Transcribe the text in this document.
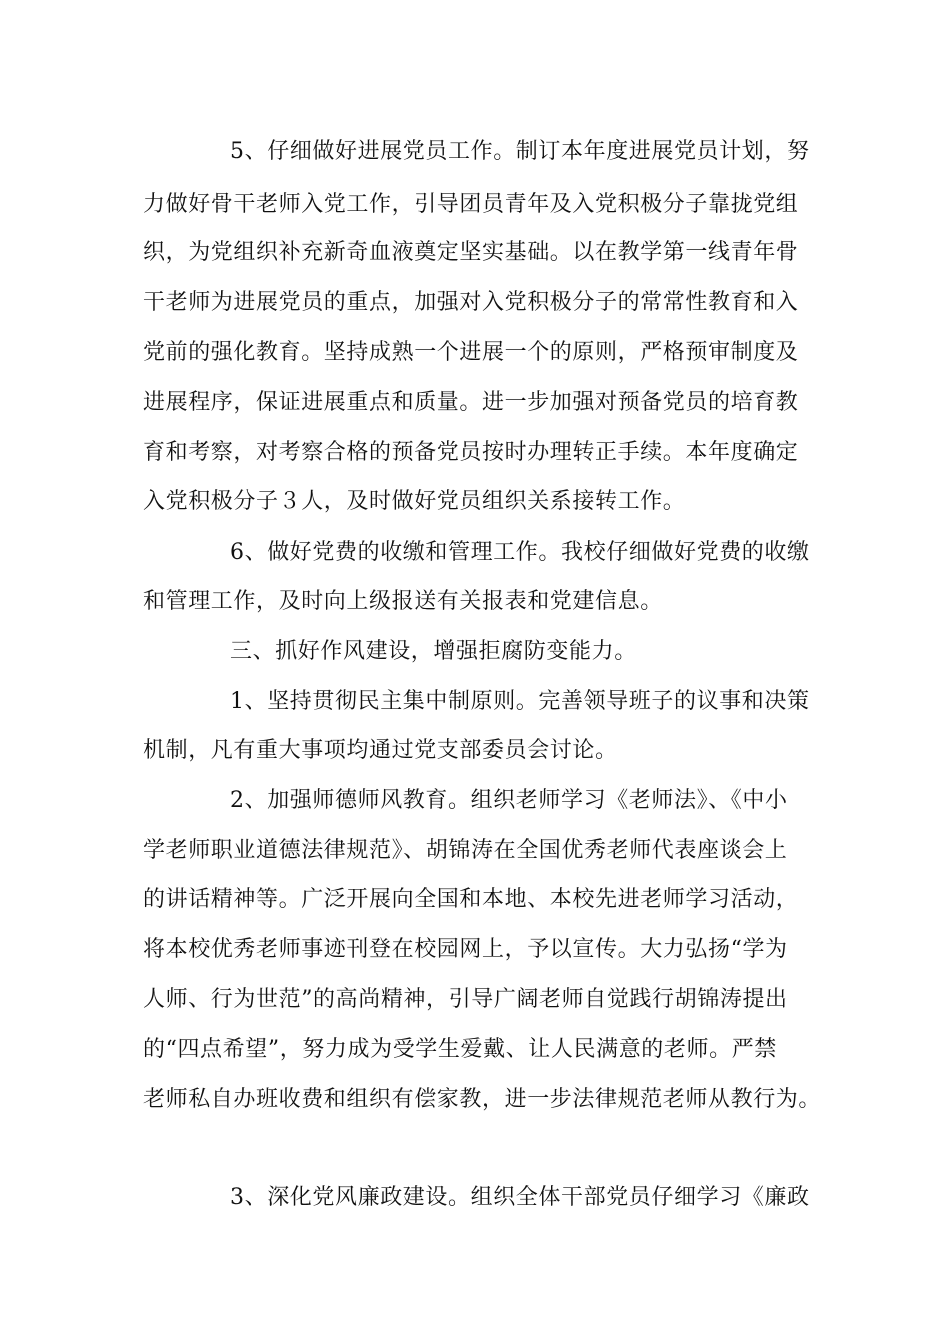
5、仔细做好进展党员工作。制订本年度进展党员计划，努
力做好骨干老师入党工作，引导团员青年及入党积极分子靠拢党组
织，为党组织补充新奇血液奠定坚实基础。以在教学第一线青年骨
干老师为进展党员的重点，加强对入党积极分子的常常性教育和入
党前的强化教育。坚持成熟一个进展一个的原则，严格预审制度及
进展程序，保证进展重点和质量。进一步加强对预备党员的培育教
育和考察，对考察合格的预备党员按时办理转正手续。本年度确定
入党积极分子３人，及时做好党员组织关系接转工作。
6、做好党费的收缴和管理工作。我校仔细做好党费的收缴
和管理工作，及时向上级报送有关报表和党建信息。
三、抓好作风建设，增强拒腐防变能力。
1、坚持贯彻民主集中制原则。完善领导班子的议事和决策
机制，凡有重大事项均通过党支部委员会讨论。
2、加强师德师风教育。组织老师学习《老师法》、《中小
学老师职业道德法律规范》、胡锦涛在全国优秀老师代表座谈会上
的讲话精神等。广泛开展向全国和本地、本校先进老师学习活动，
将本校优秀老师事迹刊登在校园网上，予以宣传。大力弘扬“学为
人师、行为世范”的高尚精神，引导广阔老师自觉践行胡锦涛提出
的“四点希望”，努力成为受学生爱戴、让人民满意的老师。严禁
老师私自办班收费和组织有偿家教，进一步法律规范老师从教行为。
3、深化党风廉政建设。组织全体干部党员仔细学习《廉政
